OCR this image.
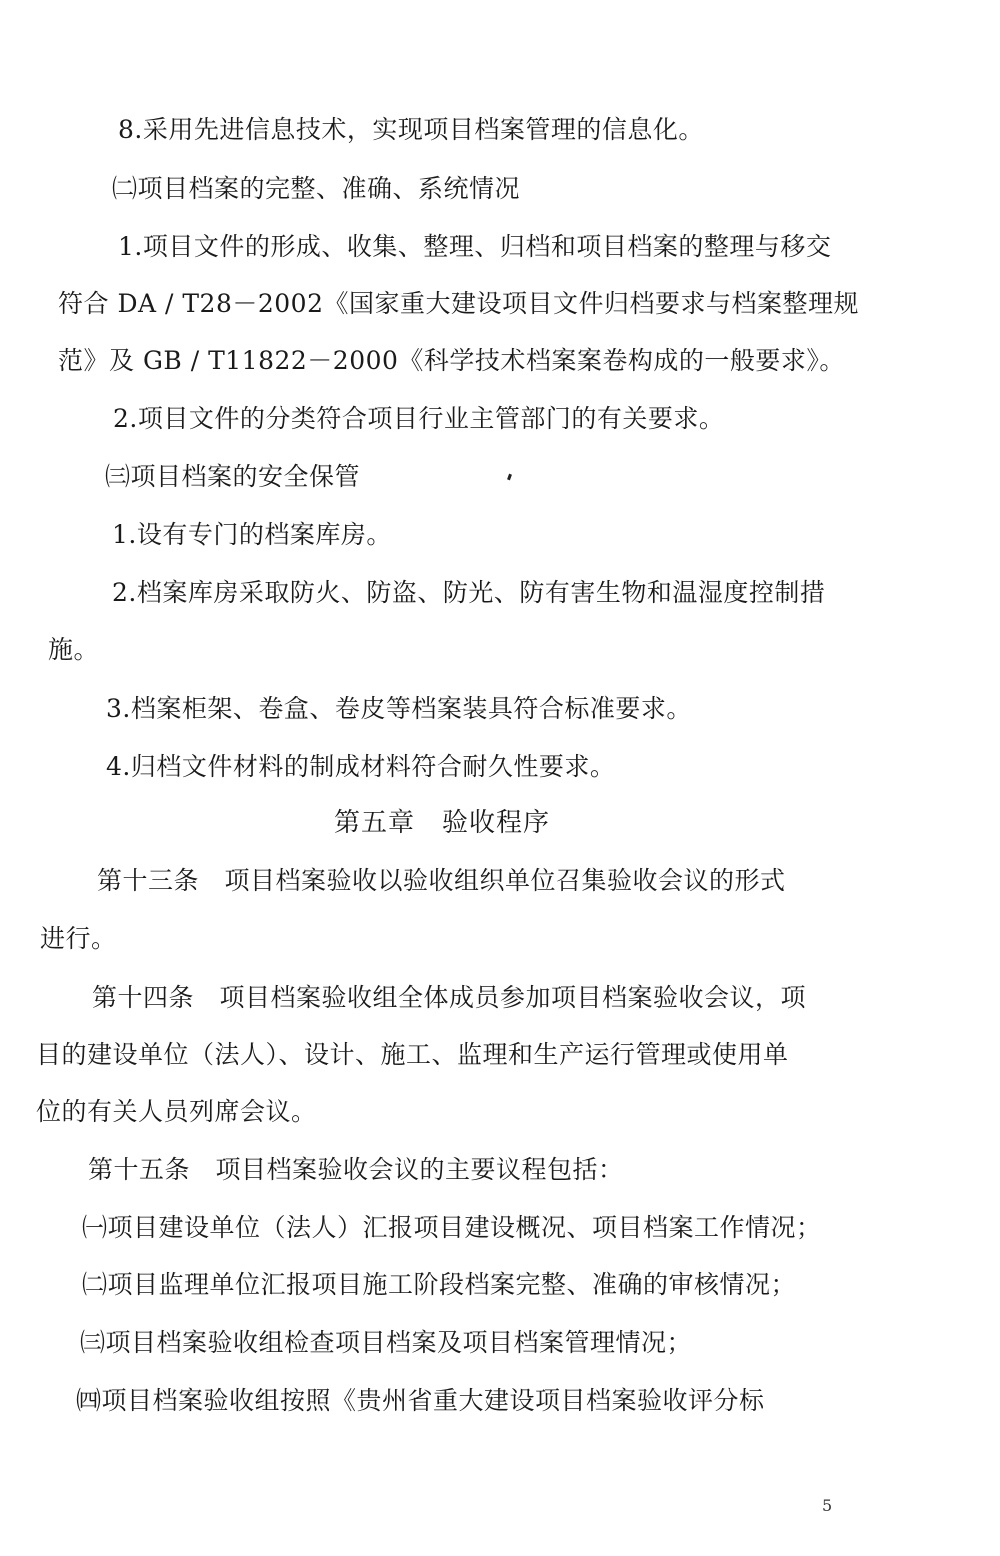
8.采用先进信息技术，实现项目档案管理的信息化。
㈡项目档案的完整、准确、系统情况
1.项目文件的形成、收集、整理、归档和项目档案的整理与移交
符合 DA / T28－2002《国家重大建设项目文件归档要求与档案整理规
范》及 GB / T11822－2000《科学技术档案案卷构成的一般要求》。
2.项目文件的分类符合项目行业主管部门的有关要求。
㈢项目档案的安全保管
1.设有专门的档案库房。
2.档案库房采取防火、防盗、防光、防有害生物和温湿度控制措
施。
3.档案柜架、卷盒、卷皮等档案装具符合标准要求。
4.归档文件材料的制成材料符合耐久性要求。
第五章　验收程序
第十三条　项目档案验收以验收组织单位召集验收会议的形式
进行。
第十四条　项目档案验收组全体成员参加项目档案验收会议，项
目的建设单位（法人）、设计、施工、监理和生产运行管理或使用单
位的有关人员列席会议。
第十五条　项目档案验收会议的主要议程包括：
㈠项目建设单位（法人）汇报项目建设概况、项目档案工作情况；
㈡项目监理单位汇报项目施工阶段档案完整、准确的审核情况；
㈢项目档案验收组检查项目档案及项目档案管理情况；
㈣项目档案验收组按照《贵州省重大建设项目档案验收评分标
5
